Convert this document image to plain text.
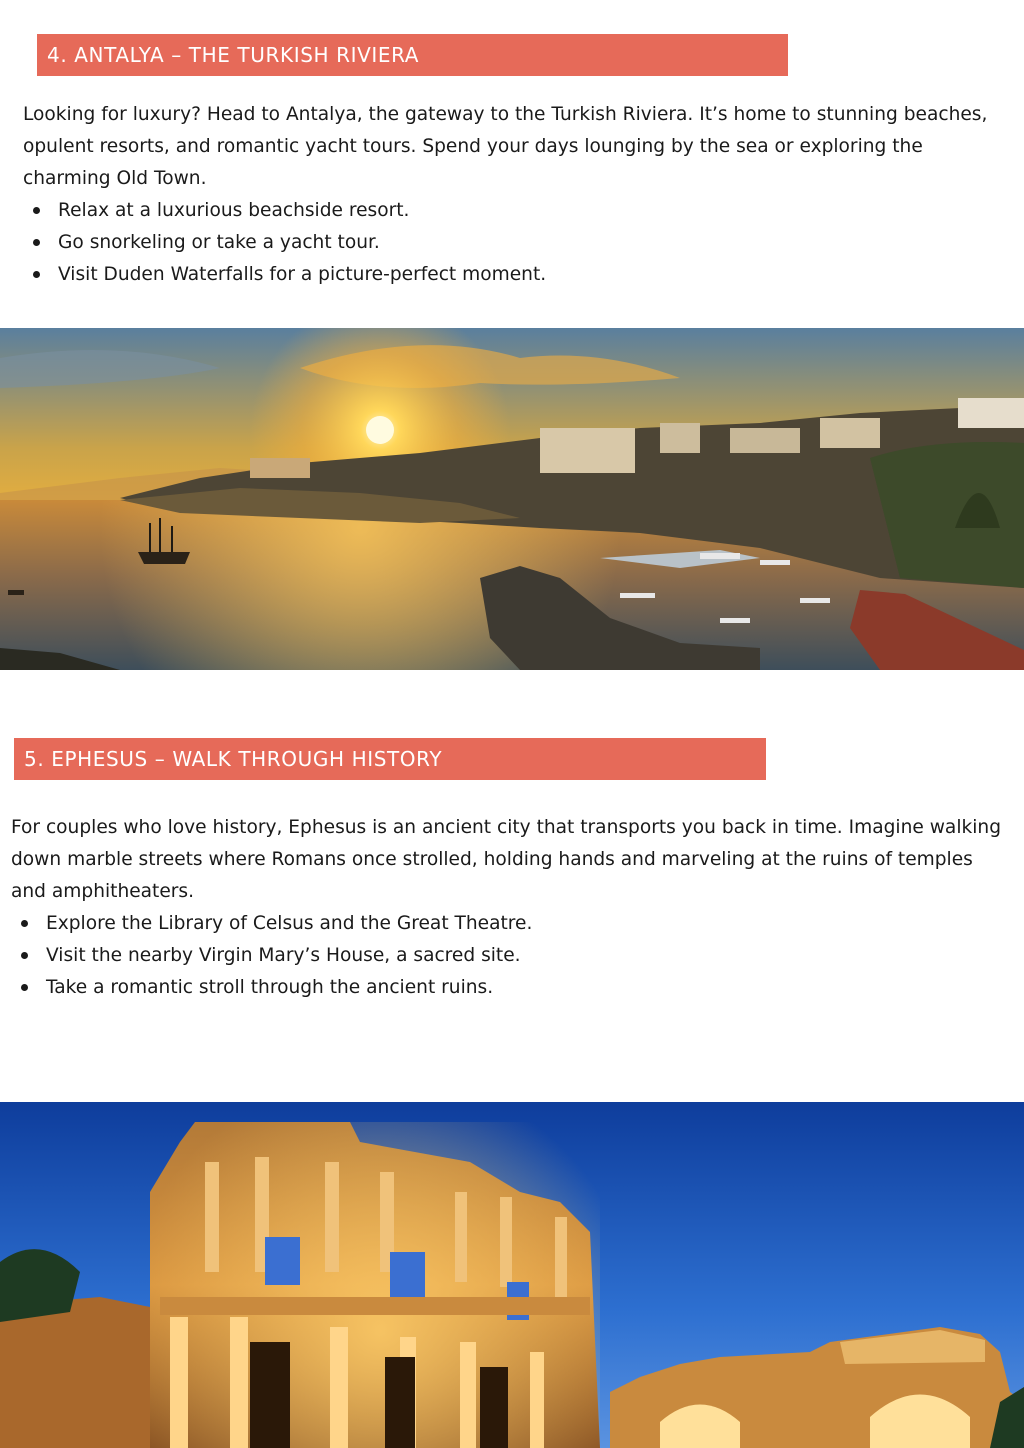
4. ANTALYA – THE TURKISH RIVIERA

Looking for luxury? Head to Antalya, the gateway to the Turkish Riviera. It’s home to stunning beaches, opulent resorts, and romantic yacht tours. Spend your days lounging by the sea or exploring the charming Old Town.

Relax at a luxurious beachside resort.
Go snorkeling or take a yacht tour.
Visit Duden Waterfalls for a picture-perfect moment.
5. EPHESUS – WALK THROUGH HISTORY

For couples who love history, Ephesus is an ancient city that transports you back in time. Imagine walking down marble streets where Romans once strolled, holding hands and marveling at the ruins of temples and amphitheaters.

Explore the Library of Celsus and the Great Theatre.
Visit the nearby Virgin Mary’s House, a sacred site.
Take a romantic stroll through the ancient ruins.
